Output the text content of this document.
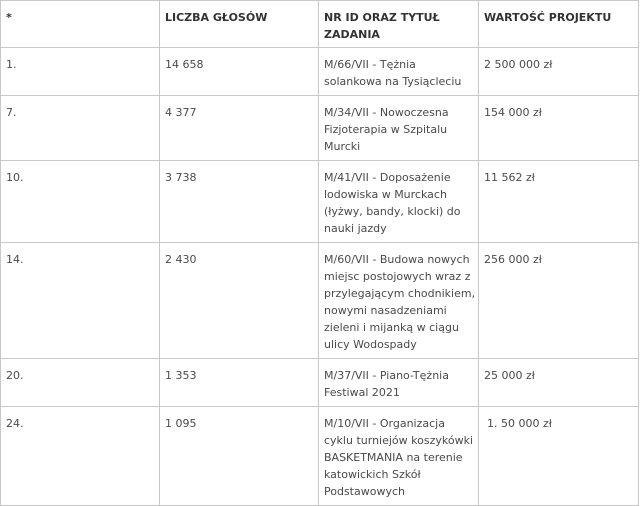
*	LICZBA GŁOSÓW	NR ID ORAZ TYTUŁ ZADANIA	WARTOŚĆ PROJEKTU
1.	14 658	M/66/VII - Tężnia solankowa na Tysiącleciu	2 500 000 zł
7.	4 377	M/34/VII - Nowoczesna Fizjoterapia w Szpitalu Murcki	154 000 zł
10.	3 738	M/41/VII - Doposażenie lodowiska w Murckach (łyżwy, bandy, klocki) do nauki jazdy	11 562 zł
14.	2 430	M/60/VII - Budowa nowych miejsc postojowych wraz z przylegającym chodnikiem, nowymi nasadzeniami zieleni i mijanką w ciągu ulicy Wodospady	256 000 zł
20.	1 353	M/37/VII - Piano-Tężnia Festiwal 2021	25 000 zł
24.	1 095	M/10/VII - Organizacja cyklu turniejów koszykówki BASKETMANIA na terenie katowickich Szkół Podstawowych	1. 50 000 zł
